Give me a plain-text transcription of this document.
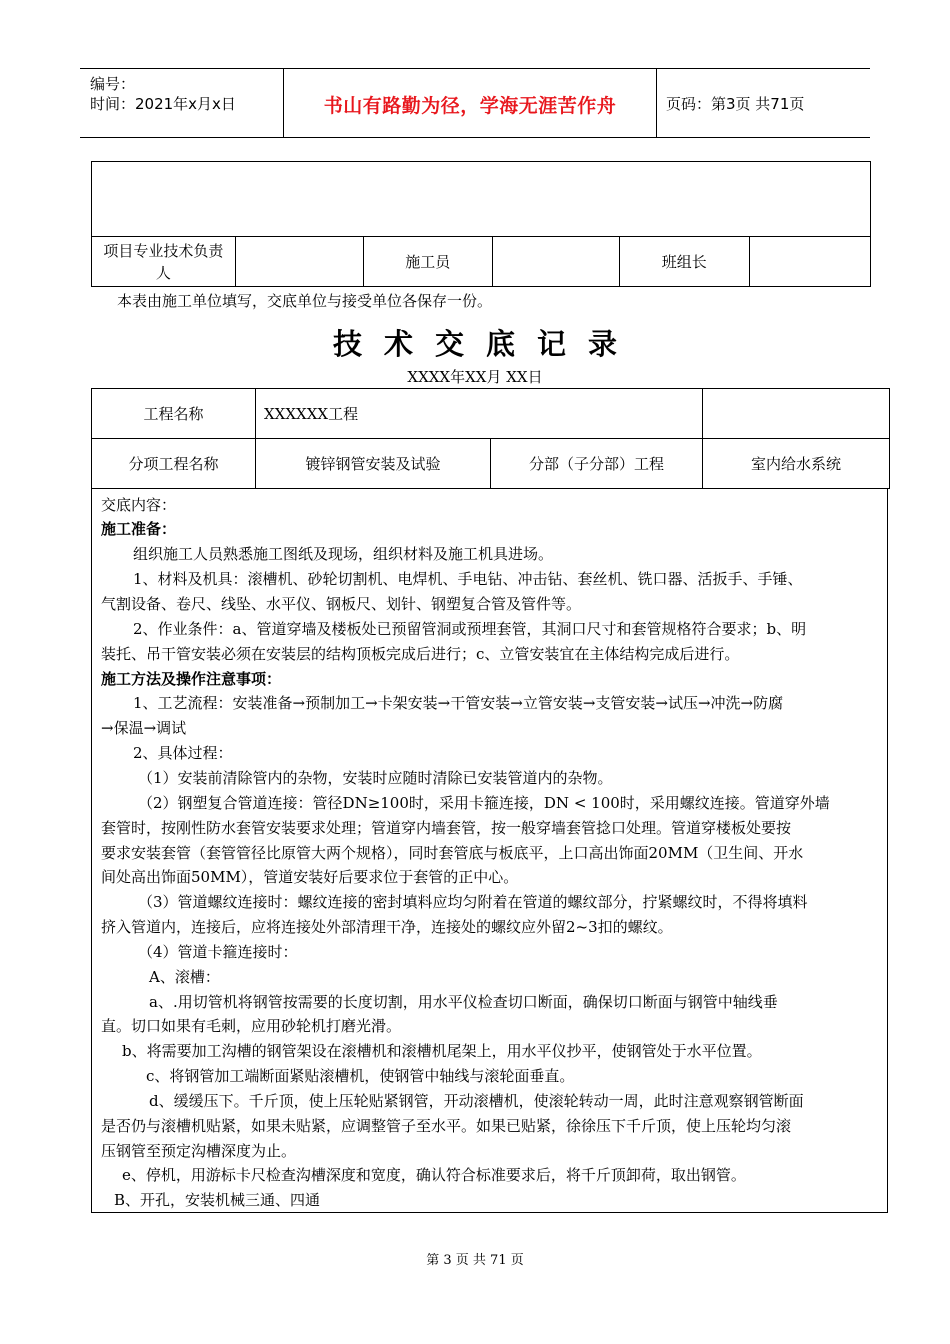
编号：
时间：2021年x月x日	书山有路勤为径，学海无涯苦作舟	页码：第3页 共71页

项目专业技术负责人		施工员		班组长	
本表由施工单位填写，交底单位与接受单位各保存一份。
技术交底记录
XXXX年XX月 XX日
工程名称	XXXXXX工程		
分项工程名称	镀锌钢管安装及试验	分部（子分部）工程	室内给水系统
交底内容：
施工准备：
组织施工人员熟悉施工图纸及现场，组织材料及施工机具进场。
1、材料及机具：滚槽机、砂轮切割机、电焊机、手电钻、冲击钻、套丝机、铣口器、活扳手、手锤、
气割设备、卷尺、线坠、水平仪、钢板尺、划针、钢塑复合管及管件等。
2、作业条件：a、管道穿墙及楼板处已预留管洞或预埋套管，其洞口尺寸和套管规格符合要求；b、明
装托、吊干管安装必须在安装层的结构顶板完成后进行；c、立管安装宜在主体结构完成后进行。
施工方法及操作注意事项：
1、工艺流程：安装准备→预制加工→卡架安装→干管安装→立管安装→支管安装→试压→冲洗→防腐
→保温→调试
2、具体过程：
（1）安装前清除管内的杂物，安装时应随时清除已安装管道内的杂物。
（2）钢塑复合管道连接：管径DN≥100时，采用卡箍连接，DN < 100时，采用螺纹连接。管道穿外墙
套管时，按刚性防水套管安装要求处理；管道穿内墙套管，按一般穿墙套管捻口处理。管道穿楼板处要按
要求安装套管（套管管径比原管大两个规格），同时套管底与板底平，上口高出饰面20MM（卫生间、开水
间处高出饰面50MM），管道安装好后要求位于套管的正中心。
（3）管道螺纹连接时：螺纹连接的密封填料应均匀附着在管道的螺纹部分，拧紧螺纹时，不得将填料
挤入管道内，连接后，应将连接处外部清理干净，连接处的螺纹应外留2~3扣的螺纹。
（4）管道卡箍连接时：
A、滚槽：
a、.用切管机将钢管按需要的长度切割，用水平仪检查切口断面，确保切口断面与钢管中轴线垂
直。切口如果有毛刺，应用砂轮机打磨光滑。
b、将需要加工沟槽的钢管架设在滚槽机和滚槽机尾架上，用水平仪抄平，使钢管处于水平位置。
c、将钢管加工端断面紧贴滚槽机，使钢管中轴线与滚轮面垂直。
d、缓缓压下。千斤顶，使上压轮贴紧钢管，开动滚槽机，使滚轮转动一周，此时注意观察钢管断面
是否仍与滚槽机贴紧，如果未贴紧，应调整管子至水平。如果已贴紧，徐徐压下千斤顶，使上压轮均匀滚
压钢管至预定沟槽深度为止。
e、停机，用游标卡尺检查沟槽深度和宽度，确认符合标准要求后，将千斤顶卸荷，取出钢管。
B、开孔，安装机械三通、四通
第 3 页 共 71 页
